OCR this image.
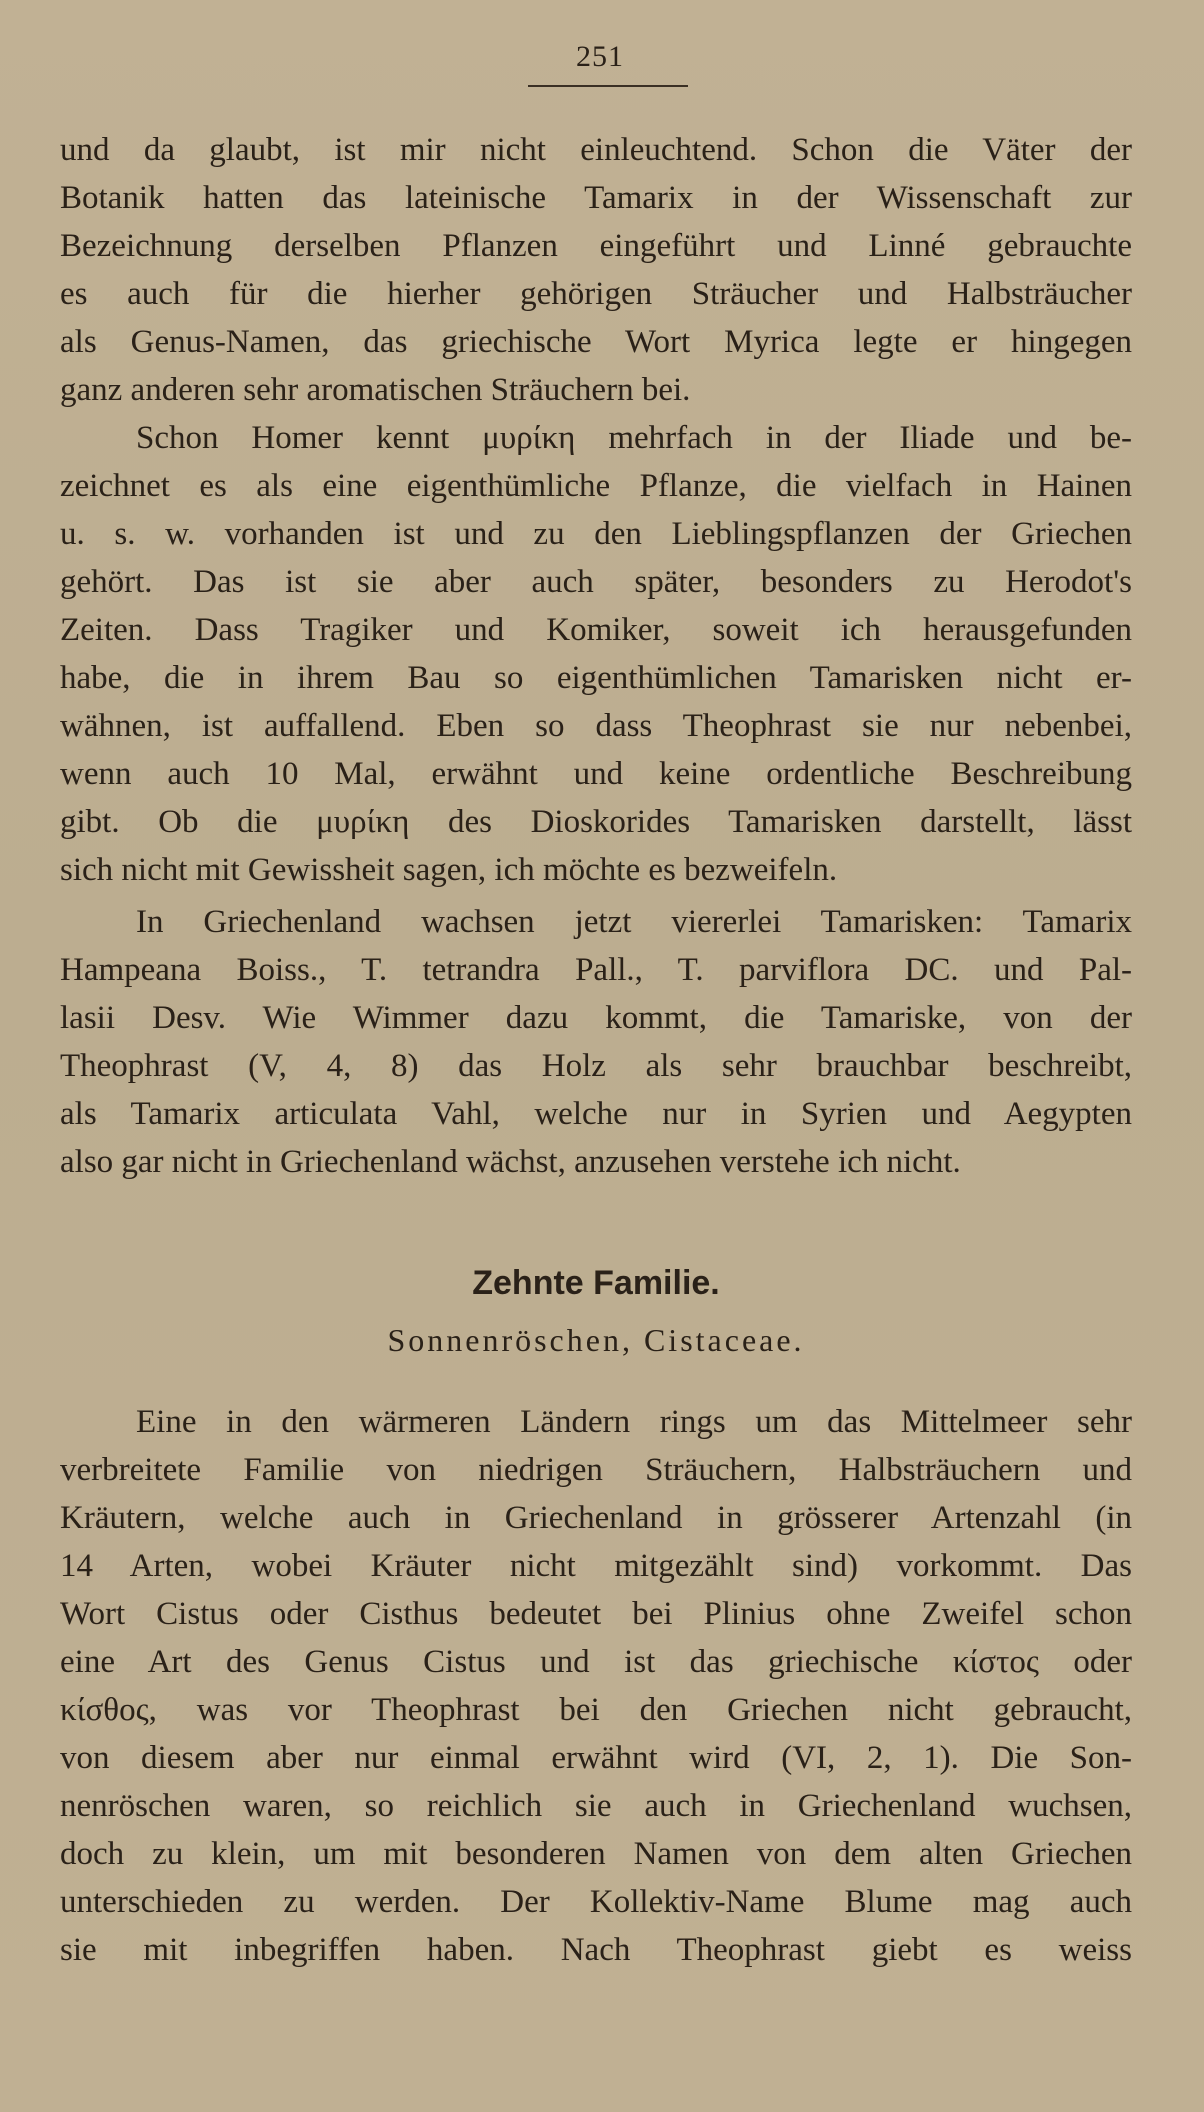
251
und da glaubt, ist mir nicht einleuchtend. Schon die Väter der
Botanik hatten das lateinische Tamarix in der Wissenschaft zur
Bezeichnung derselben Pflanzen eingeführt und Linné gebrauchte
es auch für die hierher gehörigen Sträucher und Halbsträucher
als Genus-Namen, das griechische Wort Myrica legte er hingegen
ganz anderen sehr aromatischen Sträuchern bei.
Schon Homer kennt μυρίκη mehrfach in der Iliade und be-
zeichnet es als eine eigenthümliche Pflanze, die vielfach in Hainen
u. s. w. vorhanden ist und zu den Lieblingspflanzen der Griechen
gehört. Das ist sie aber auch später, besonders zu Herodot's
Zeiten. Dass Tragiker und Komiker, soweit ich herausgefunden
habe, die in ihrem Bau so eigenthümlichen Tamarisken nicht er-
wähnen, ist auffallend. Eben so dass Theophrast sie nur nebenbei,
wenn auch 10 Mal, erwähnt und keine ordentliche Beschreibung
gibt. Ob die μυρίκη des Dioskorides Tamarisken darstellt, lässt
sich nicht mit Gewissheit sagen, ich möchte es bezweifeln.
In Griechenland wachsen jetzt viererlei Tamarisken: Tamarix
Hampeana Boiss., T. tetrandra Pall., T. parviflora DC. und Pal-
lasii Desv. Wie Wimmer dazu kommt, die Tamariske, von der
Theophrast (V, 4, 8) das Holz als sehr brauchbar beschreibt,
als Tamarix articulata Vahl, welche nur in Syrien und Aegypten
also gar nicht in Griechenland wächst, anzusehen verstehe ich nicht.
Zehnte Familie.
Sonnenröschen, Cistaceae.
Eine in den wärmeren Ländern rings um das Mittelmeer sehr
verbreitete Familie von niedrigen Sträuchern, Halbsträuchern und
Kräutern, welche auch in Griechenland in grösserer Artenzahl (in
14 Arten, wobei Kräuter nicht mitgezählt sind) vorkommt. Das
Wort Cistus oder Cisthus bedeutet bei Plinius ohne Zweifel schon
eine Art des Genus Cistus und ist das griechische κίστος oder
κίσθος, was vor Theophrast bei den Griechen nicht gebraucht,
von diesem aber nur einmal erwähnt wird (VI, 2, 1). Die Son-
nenröschen waren, so reichlich sie auch in Griechenland wuchsen,
doch zu klein, um mit besonderen Namen von dem alten Griechen
unterschieden zu werden. Der Kollektiv-Name Blume mag auch
sie mit inbegriffen haben. Nach Theophrast giebt es weiss
